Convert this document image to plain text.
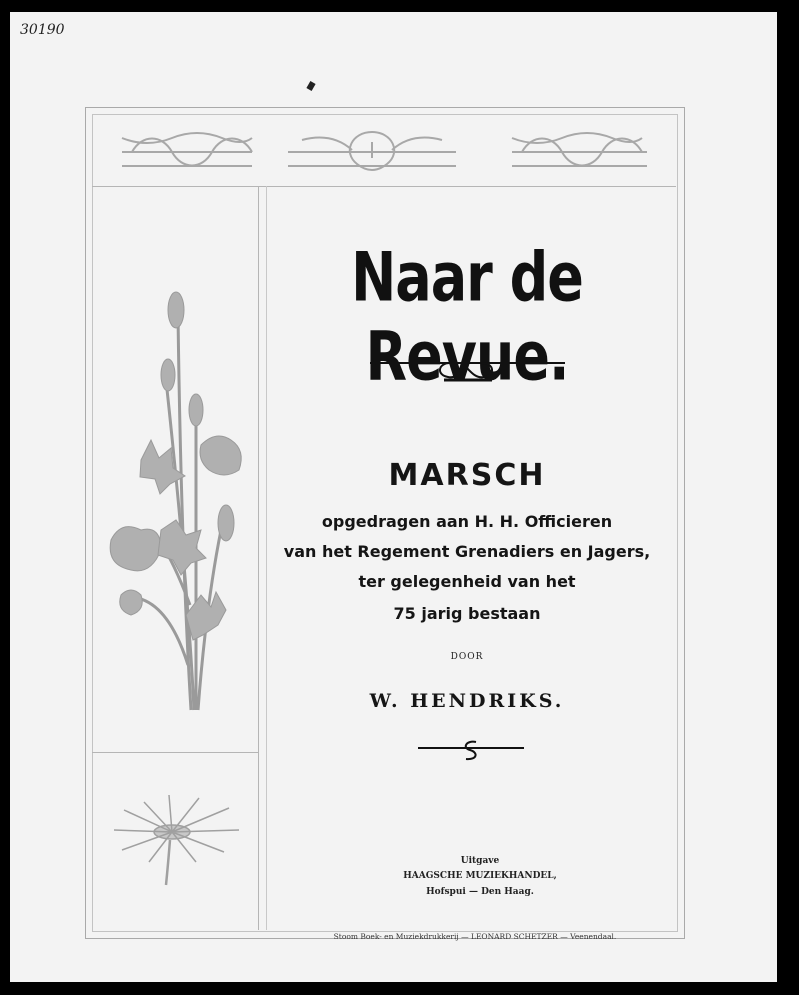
30190
Naar de Revue.
MARSCH
opgedragen aan H. H. Officieren
van het Regement Grenadiers en Jagers,
ter gelegenheid van het
75 jarig bestaan
DOOR
W. HENDRIKS.
Uitgave
HAAGSCHE MUZIEKHANDEL,
Hofspui — Den Haag.
Stoom Boek- en Muziekdrukkerij — LEONARD SCHETZER — Veenendaal.
